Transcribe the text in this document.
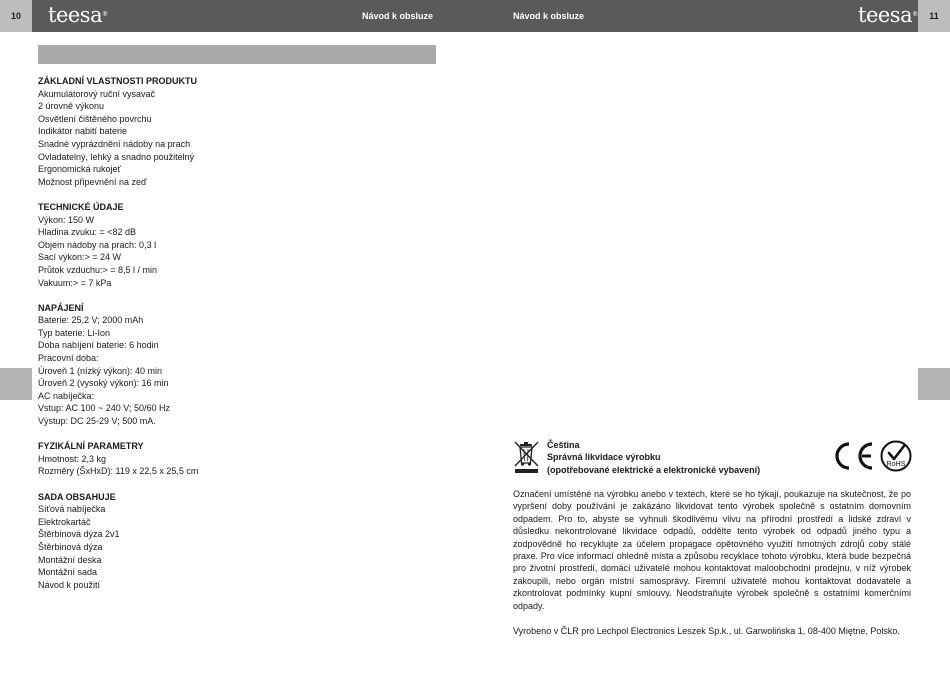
10	11
teesa®	teesa®
Návod k obsluze	Návod k obsluze
ZÁKLADNÍ VLASTNOSTI PRODUKTU
Akumulátorový ruční vysavač
2 úrovně výkonu
Osvětlení čištěného povrchu
Indikátor nabití baterie
Snadné vyprázdnění nádoby na prach
Ovladatelný, lehký a snadno použitelný
Ergonomická rukojeť
Možnost připevnění na zeď
TECHNICKÉ ÚDAJE
Výkon: 150 W
Hladina zvuku: = <82 dB
Objem nádoby na prach: 0,3 l
Sací výkon:> = 24 W
Průtok vzduchu:> = 8,5 l / min
Vakuum:> = 7 kPa
NAPÁJENÍ
Baterie: 25,2 V; 2000 mAh
Typ baterie: Li-Ion
Doba nabíjení baterie: 6 hodin
Pracovní doba:
Úroveň 1 (nízký výkon): 40 min
Úroveň 2 (vysoký výkon): 16 min
AC nabíječka:
Vstup: AC 100 ~ 240 V; 50/60 Hz
Výstup: DC 25-29 V; 500 mA.
FYZIKÁLNÍ PARAMETRY
Hmotnost: 2,3 kg
Rozměry (ŠxHxD): 119 x 22,5 x 25,5 cm
SADA OBSAHUJE
Síťová nabíječka
Elektrokartáč
Štěrbinová dýza 2v1
Štěrbinová dýza
Montážní deska
Montážní sada
Návod k použití
Čeština
Správná likvidace výrobku
(opotřebované elektrické a elektronické vybavení)
RoHS
Označení umístěné na výrobku anebo v textech, které se ho týkají, poukazuje na skutečnost, že po vypršení doby používání je zakázáno likvidovat tento výrobek společně s ostatním domovním odpadem. Pro to, abyste se vyhnuli škodlivému vlivu na přírodní prostředí a lidské zdraví v důsledku nekontrolované likvidace odpadů, oddělte tento výrobek od odpadů jiného typu a zodpovědně ho recyklujte za účelem propagace opětovného využití hmotných zdrojů coby stálé praxe. Pro více informací ohledně místa a způsobu recyklace tohoto výrobku, která bude bezpečná pro životní prostředí, domácí uživatelé mohou kontaktovat maloobchodní prodejnu, v níž výrobek zakoupili, nebo orgán místní samosprávy. Firemní uživatelé mohou kontaktovat dodavatele a zkontrolovat podmínky kupní smlouvy. Neodstraňujte výrobek společně s ostatními komerčními odpady.
Vyrobeno v ČLR pro Lechpol Electronics Leszek Sp.k., ul. Garwolińska 1, 08-400 Miętne, Polsko.
